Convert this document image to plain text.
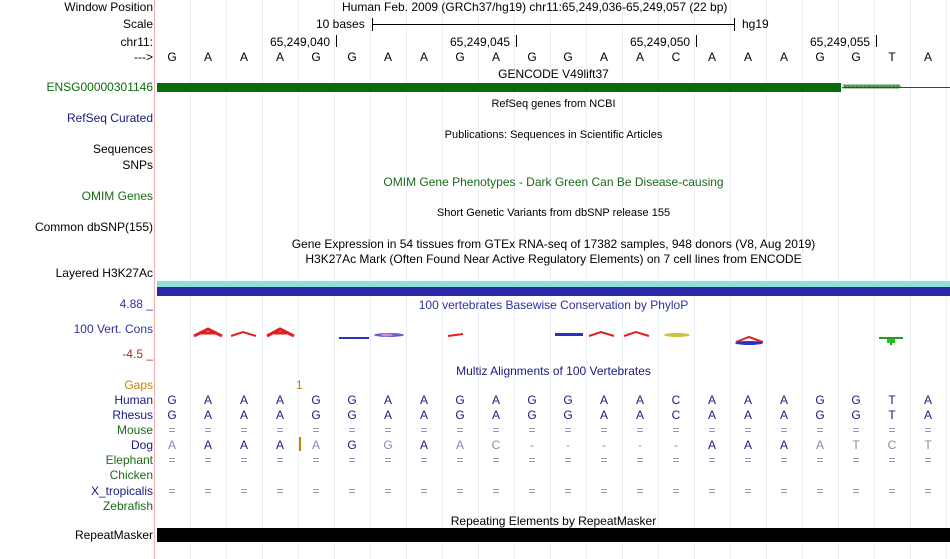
Window Position	Human Feb. 2009 (GRCh37/hg19) chr11:65,249,036-65,249,057 (22 bp)
Scale	10 bases	hg19
chr11:	65,249,040	65,249,045	65,249,050	65,249,055
--->	G	A	A	A	G	G	A	A	G	A	G	G	A	A	C	A	A	A	G	G	T	A
GENCODE V49lift37
ENSG00000301146
RefSeq genes from NCBI
RefSeq Curated
Publications: Sequences in Scientific Articles
Sequences
SNPs
OMIM Gene Phenotypes - Dark Green Can Be Disease-causing
OMIM Genes
Short Genetic Variants from dbSNP release 155
Common dbSNP(155)
Gene Expression in 54 tissues from GTEx RNA-seq of 17382 samples, 948 donors (V8, Aug 2019)
H3K27Ac Mark (Often Found Near Active Regulatory Elements) on 7 cell lines from ENCODE
Layered H3K27Ac
4.88 _	100 vertebrates Basewise Conservation by PhyloP
100 Vert. Cons
-4.5 _
Multiz Alignments of 100 Vertebrates
Gaps	1
Human	G	A	A	A	G	G	A	A	G	A	G	G	A	A	C	A	A	A	G	G	T	A
Rhesus	G	A	A	A	G	G	A	A	G	A	G	G	A	A	C	A	A	A	G	G	T	A
Mouse	=	=	=	=	=	=	=	=	=	=	=	=	=	=	=	=	=	=	=	=	=	=
Dog	A	A	A	A	A	G	G	A	A	C	-	-	-	-	-	A	A	A	A	T	C	T
Elephant	=	=	=	=	=	=	=	=	=	=	=	=	=	=	=	=	=	=	=	=	=	=
Chicken
X_tropicalis	=	=	=	=	=	=	=	=	=	=	=	=	=	=	=	=	=	=	=	=	=	=
Zebrafish
Repeating Elements by RepeatMasker
RepeatMasker
